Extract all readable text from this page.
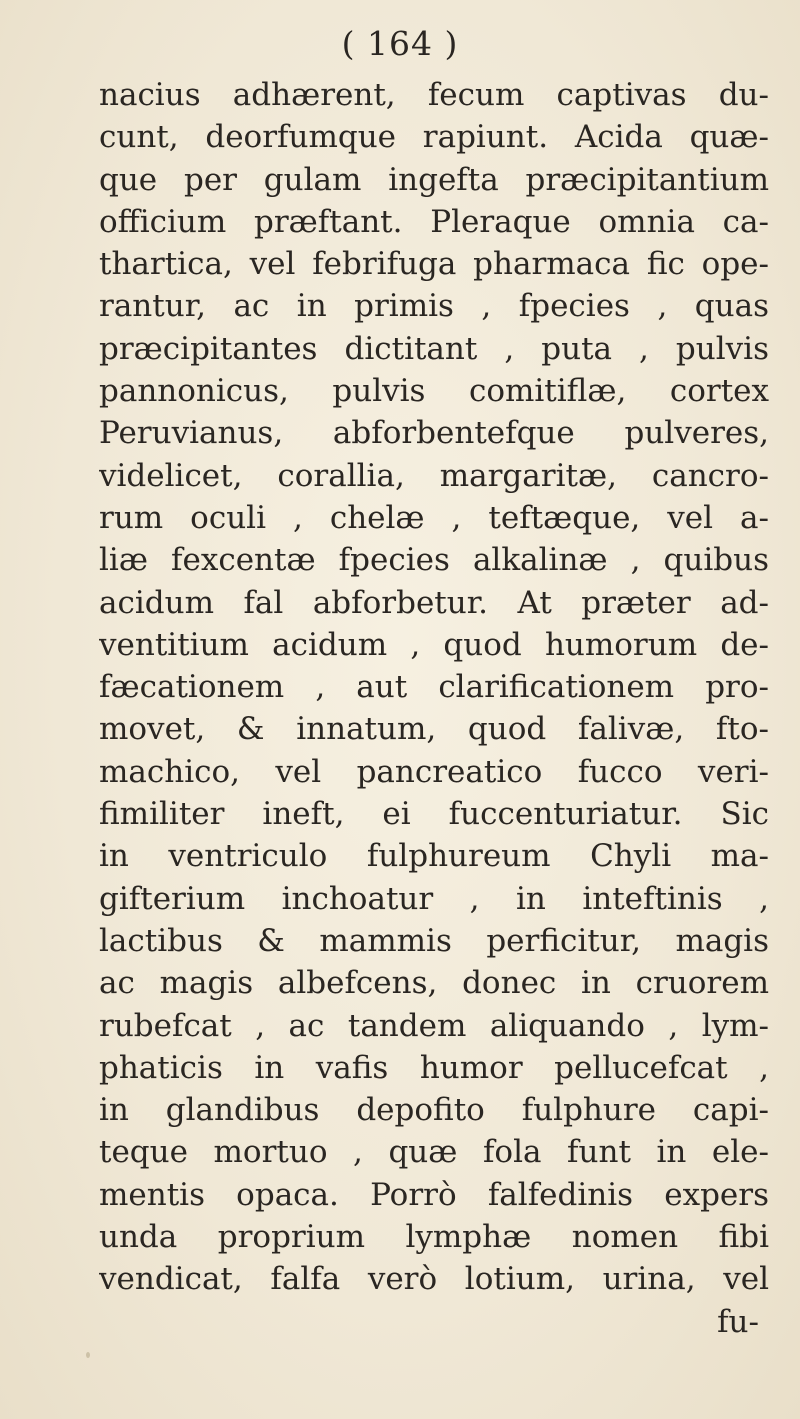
( 164 )
nacius adhærent, fecum captivas du-
cunt, deorfumque rapiunt. Acida quæ-
que per gulam ingefta præcipitantium
officium præftant. Pleraque omnia ca-
thartica, vel febrifuga pharmaca fic ope-
rantur, ac in primis , fpecies , quas
præcipitantes dictitant , puta , pulvis
pannonicus, pulvis comitiflæ, cortex
Peruvianus, abforbentefque pulveres,
videlicet, corallia, margaritæ, cancro-
rum oculi , chelæ , teftæque, vel a-
liæ fexcentæ fpecies alkalinæ , quibus
acidum fal abforbetur. At præter ad-
ventitium acidum , quod humorum de-
fæcationem , aut clarificationem pro-
movet, & innatum, quod falivæ, fto-
machico, vel pancreatico fucco veri-
fimiliter ineft, ei fuccenturiatur. Sic
in ventriculo fulphureum Chyli ma-
gifterium inchoatur , in inteftinis ,
lactibus & mammis perficitur, magis
ac magis albefcens, donec in cruorem
rubefcat , ac tandem aliquando , lym-
phaticis in vafis humor pellucefcat ,
in glandibus depofito fulphure capi-
teque mortuo , quæ fola funt in ele-
mentis opaca. Porrò falfedinis expers
unda proprium lymphæ nomen fibi
vendicat, falfa verò lotium, urina, vel
fu-
